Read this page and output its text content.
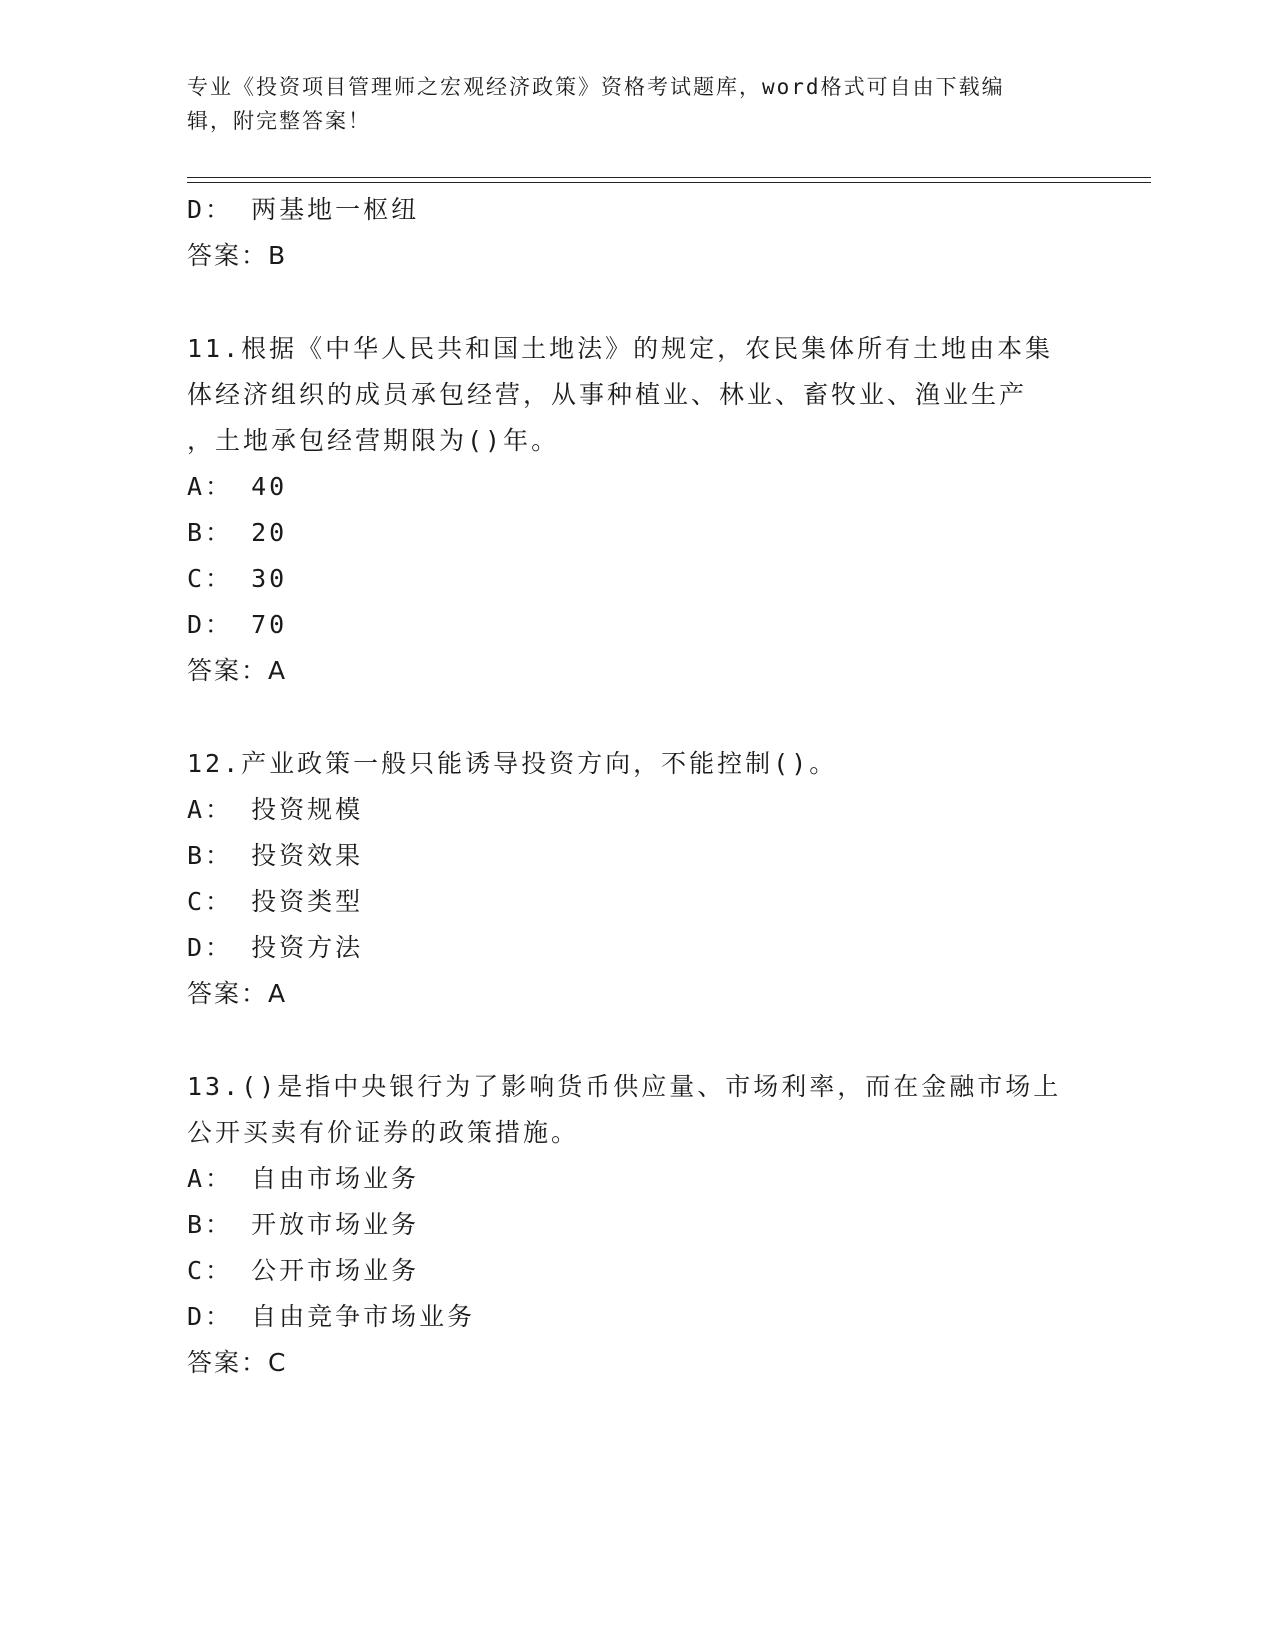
专业《投资项目管理师之宏观经济政策》资格考试题库，word格式可自由下载编
辑，附完整答案！
D： 两基地一枢纽
答案：B
11.根据《中华人民共和国土地法》的规定，农民集体所有土地由本集
体经济组织的成员承包经营，从事种植业、林业、畜牧业、渔业生产
，土地承包经营期限为()年。
A： 40
B： 20
C： 30
D： 70
答案：A
12.产业政策一般只能诱导投资方向，不能控制()。
A： 投资规模
B： 投资效果
C： 投资类型
D： 投资方法
答案：A
13.()是指中央银行为了影响货币供应量、市场利率，而在金融市场上
公开买卖有价证券的政策措施。
A： 自由市场业务
B： 开放市场业务
C： 公开市场业务
D： 自由竞争市场业务
答案：C
